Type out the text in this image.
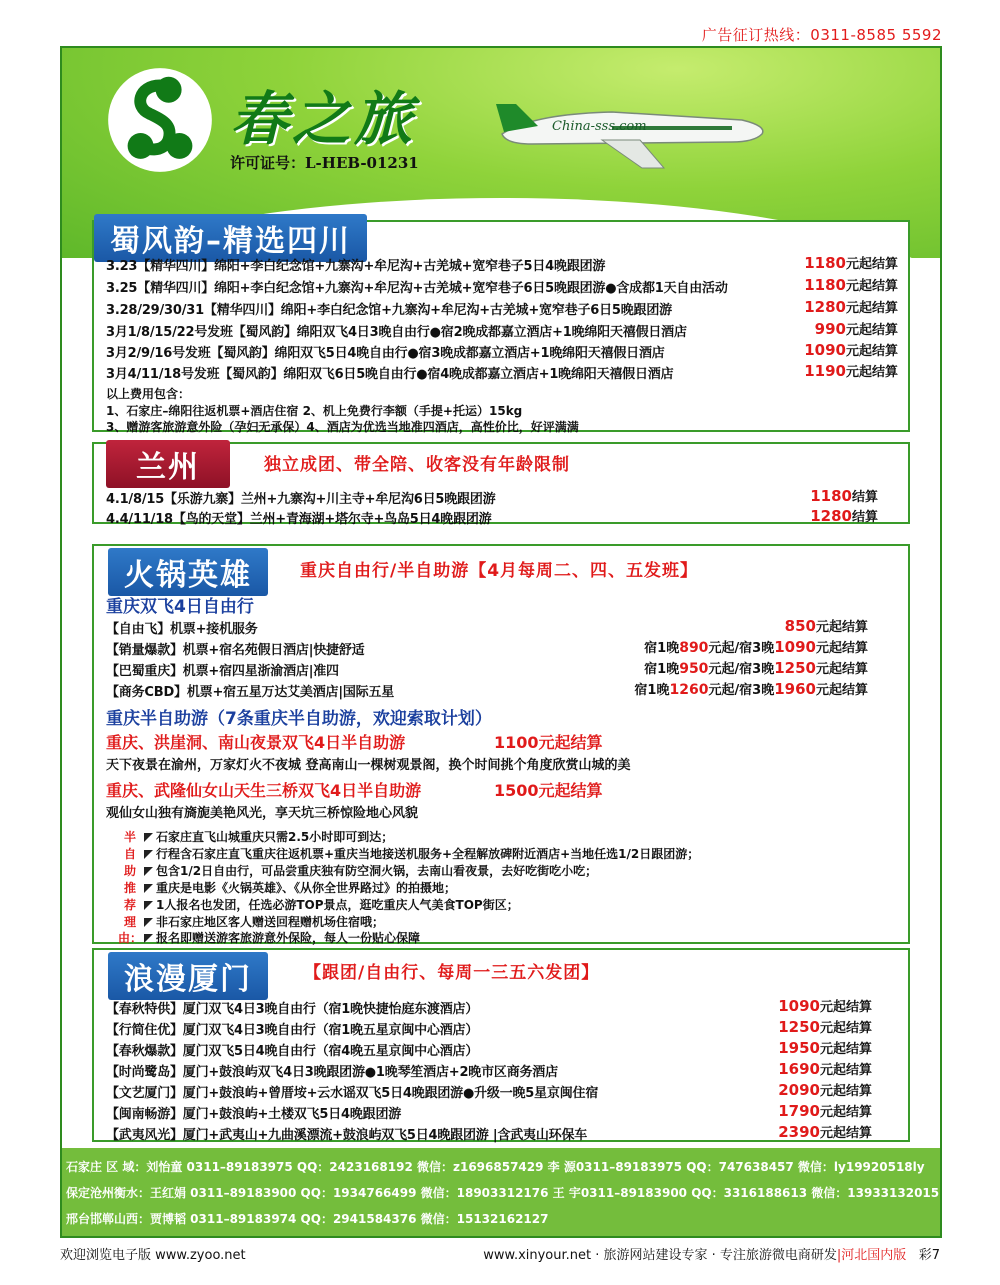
广告征订热线：0311-8585 5592
春之旅
许可证号：L-HEB-01231
China-sss.com
蜀风韵–精选四川
3.23【精华四川】绵阳+李白纪念馆+九寨沟+牟尼沟+古羌城+宽窄巷子5日4晚跟团游	1180元起结算
3.25【精华四川】绵阳+李白纪念馆+九寨沟+牟尼沟+古羌城+宽窄巷子6日5晚跟团游●含成都1天自由活动	1180元起结算
3.28/29/30/31【精华四川】绵阳+李白纪念馆+九寨沟+牟尼沟+古羌城+宽窄巷子6日5晚跟团游	1280元起结算
3月1/8/15/22号发班【蜀风韵】绵阳双飞4日3晚自由行●宿2晚成都嘉立酒店+1晚绵阳天禧假日酒店	990元起结算
3月2/9/16号发班【蜀风韵】绵阳双飞5日4晚自由行●宿3晚成都嘉立酒店+1晚绵阳天禧假日酒店	1090元起结算
3月4/11/18号发班【蜀风韵】绵阳双飞6日5晚自由行●宿4晚成都嘉立酒店+1晚绵阳天禧假日酒店	1190元起结算
以上费用包含：
1、石家庄–绵阳往返机票+酒店住宿 2、机上免费行李额（手提+托运）15kg
3、赠游客旅游意外险（孕妇无承保）4、酒店为优选当地准四酒店，高性价比，好评满满
兰州	独立成团、带全陪、收客没有年龄限制
4.1/8/15【乐游九寨】兰州+九寨沟+川主寺+牟尼沟6日5晚跟团游	1180结算
4.4/11/18【鸟的天堂】兰州+青海湖+塔尔寺+鸟岛5日4晚跟团游	1280结算
火锅英雄	重庆自由行/半自助游【4月每周二、四、五发班】
重庆双飞4日自由行
【自由飞】机票+接机服务	850元起结算
【销量爆款】机票+宿名苑假日酒店|快捷舒适	宿1晚890元起/宿3晚1090元起结算
【巴蜀重庆】机票+宿四星浙渝酒店|准四	宿1晚950元起/宿3晚1250元起结算
【商务CBD】机票+宿五星万达艾美酒店|国际五星	宿1晚1260元起/宿3晚1960元起结算
重庆半自助游（7条重庆半自助游，欢迎索取计划）
重庆、洪崖洞、南山夜景双飞4日半自助游	1100元起结算
天下夜景在渝州，万家灯火不夜城 登高南山一棵树观景阁，换个时间挑个角度欣赏山城的美
重庆、武隆仙女山天生三桥双飞4日半自助游	1500元起结算
观仙女山独有旖旎美艳风光，享天坑三桥惊险地心风貌
半
自
助
推
荐
理
由：
石家庄直飞山城重庆只需2.5小时即可到达；
行程含石家庄直飞重庆往返机票+重庆当地接送机服务+全程解放碑附近酒店+当地任选1/2日跟团游；
包含1/2日自由行，可品尝重庆独有防空洞火锅，去南山看夜景，去好吃街吃小吃；
重庆是电影《火锅英雄》、《从你全世界路过》的拍摄地；
1人报名也发团，任选必游TOP景点，逛吃重庆人气美食TOP街区；
非石家庄地区客人赠送回程赠机场住宿哦；
报名即赠送游客旅游意外保险，每人一份贴心保障
浪漫厦门	【跟团/自由行、每周一三五六发团】
【春秋特供】厦门双飞4日3晚自由行（宿1晚快捷怡庭东渡酒店）	1090元起结算
【行简住优】厦门双飞4日3晚自由行（宿1晚五星京闽中心酒店）	1250元起结算
【春秋爆款】厦门双飞5日4晚自由行（宿4晚五星京闽中心酒店）	1950元起结算
【时尚鹭岛】厦门+鼓浪屿双飞4日3晚跟团游●1晚琴笙酒店+2晚市区商务酒店	1690元起结算
【文艺厦门】厦门+鼓浪屿+曾厝垵+云水谣双飞5日4晚跟团游●升级一晚5星京闽住宿	2090元起结算
【闽南畅游】厦门+鼓浪屿+土楼双飞5日4晚跟团游	1790元起结算
【武夷风光】厦门+武夷山+九曲溪漂流+鼓浪屿双飞5日4晚跟团游 |含武夷山环保车	2390元起结算
石家庄 区 域：刘怡童 0311–89183975 QQ：2423168192 微信：z1696857429 李 源0311–89183975 QQ：747638457 微信：ly19920518ly
保定沧州衡水：王红娟 0311–89183900 QQ：1934766499 微信：18903312176 王 宇0311–89183900 QQ：3316188613 微信：13933132015
邢台邯郸山西：贾博韬 0311–89183974 QQ：2941584376 微信：15132162127
欢迎浏览电子版 www.zyoo.net	www.xinyour.net · 旅游网站建设专家 · 专注旅游微电商研发|河北国内版 彩7
